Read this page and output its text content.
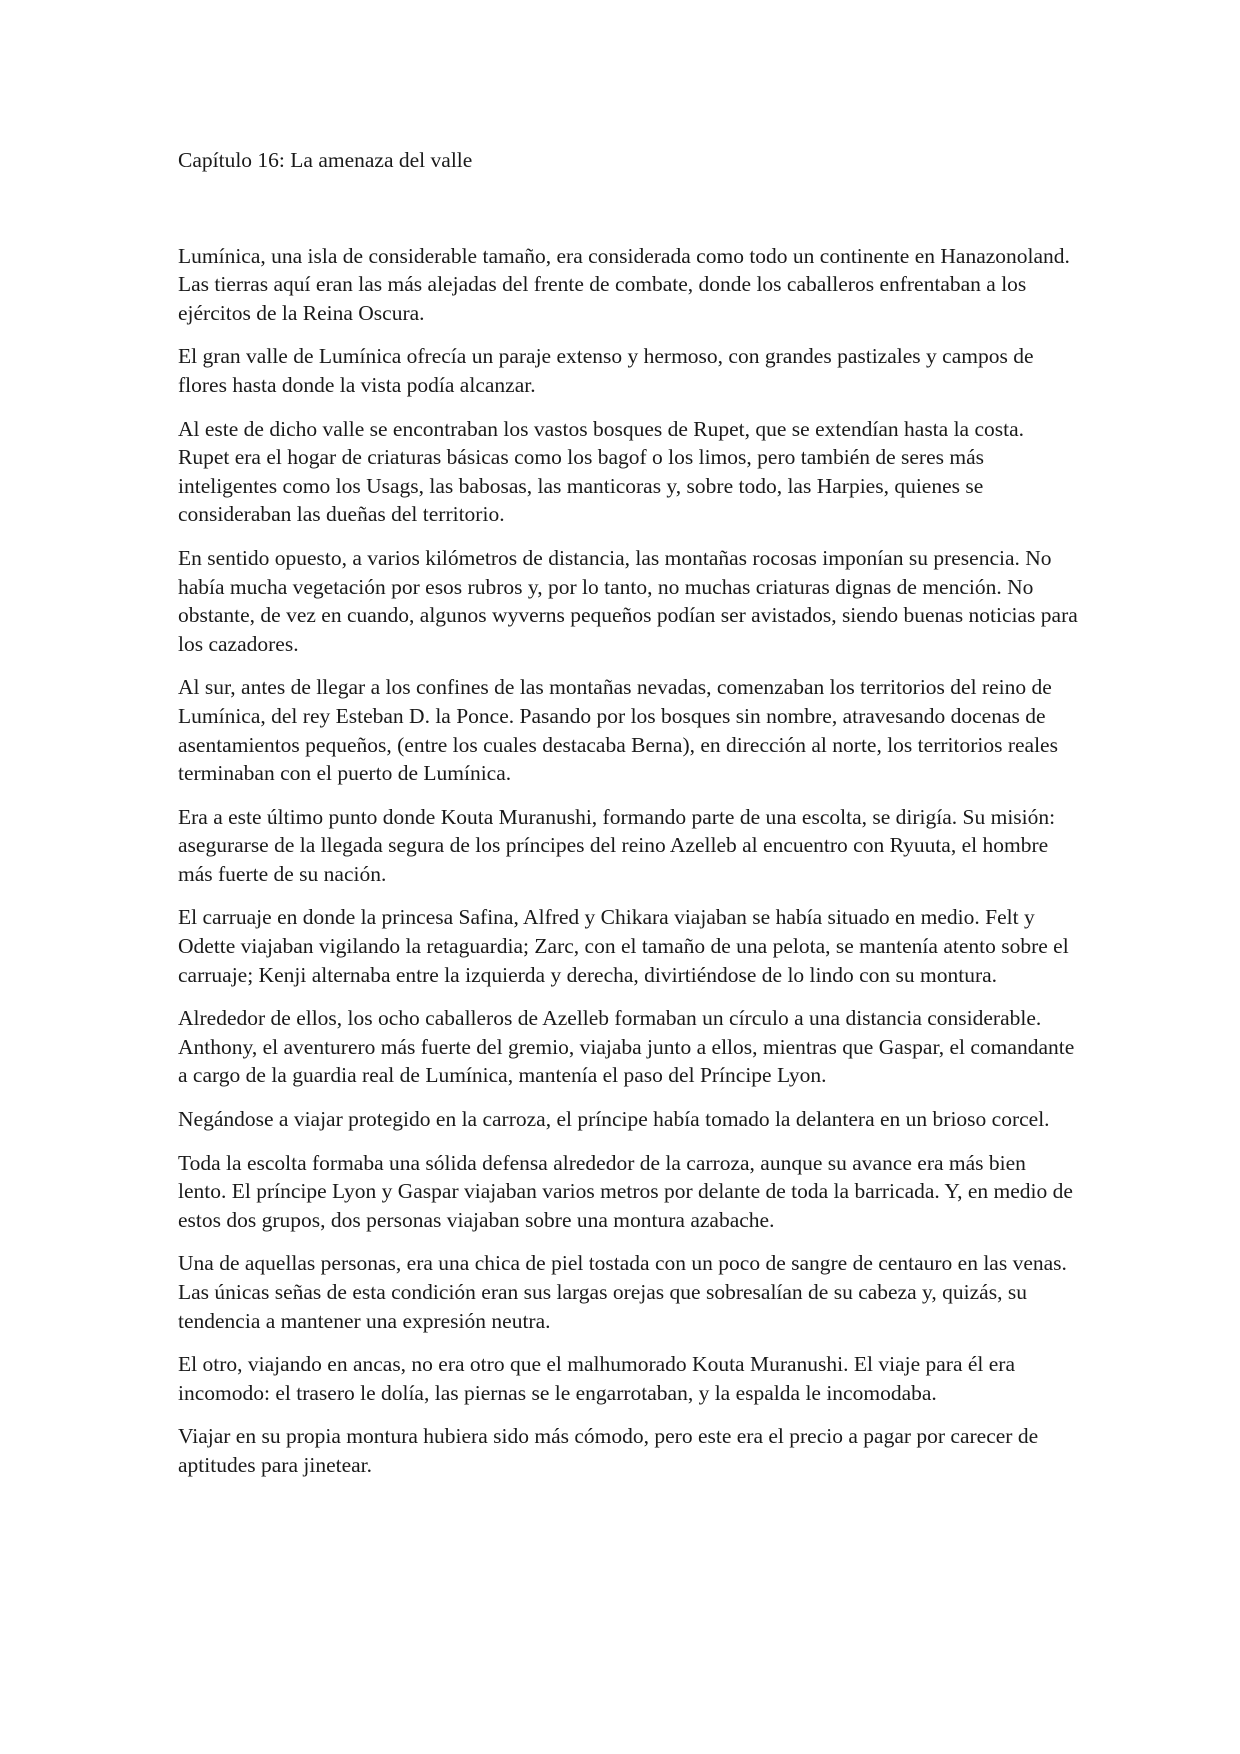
Capítulo 16: La amenaza del valle

Lumínica, una isla de considerable tamaño, era considerada como todo un continente en Hanazonoland. Las tierras aquí eran las más alejadas del frente de combate, donde los caballeros enfrentaban a los ejércitos de la Reina Oscura.

El gran valle de Lumínica ofrecía un paraje extenso y hermoso, con grandes pastizales y campos de flores hasta donde la vista podía alcanzar.

Al este de dicho valle se encontraban los vastos bosques de Rupet, que se extendían hasta la costa. Rupet era el hogar de criaturas básicas como los bagof o los limos, pero también de seres más inteligentes como los Usags, las babosas, las manticoras y, sobre todo, las Harpies, quienes se consideraban las dueñas del territorio.

En sentido opuesto, a varios kilómetros de distancia, las montañas rocosas imponían su presencia. No había mucha vegetación por esos rubros y, por lo tanto, no muchas criaturas dignas de mención. No obstante, de vez en cuando, algunos wyverns pequeños podían ser avistados, siendo buenas noticias para los cazadores.

Al sur, antes de llegar a los confines de las montañas nevadas, comenzaban los territorios del reino de Lumínica, del rey Esteban D. la Ponce. Pasando por los bosques sin nombre, atravesando docenas de asentamientos pequeños, (entre los cuales destacaba Berna), en dirección al norte, los territorios reales terminaban con el puerto de Lumínica.

Era a este último punto donde Kouta Muranushi, formando parte de una escolta, se dirigía. Su misión: asegurarse de la llegada segura de los príncipes del reino Azelleb al encuentro con Ryuuta, el hombre más fuerte de su nación.

El carruaje en donde la princesa Safina, Alfred y Chikara viajaban se había situado en medio. Felt y Odette viajaban vigilando la retaguardia; Zarc, con el tamaño de una pelota, se mantenía atento sobre el carruaje; Kenji alternaba entre la izquierda y derecha, divirtiéndose de lo lindo con su montura.

Alrededor de ellos, los ocho caballeros de Azelleb formaban un círculo a una distancia considerable. Anthony, el aventurero más fuerte del gremio, viajaba junto a ellos, mientras que Gaspar, el comandante a cargo de la guardia real de Lumínica, mantenía el paso del Príncipe Lyon.

Negándose a viajar protegido en la carroza, el príncipe había tomado la delantera en un brioso corcel.

Toda la escolta formaba una sólida defensa alrededor de la carroza, aunque su avance era más bien lento. El príncipe Lyon y Gaspar viajaban varios metros por delante de toda la barricada. Y, en medio de estos dos grupos, dos personas viajaban sobre una montura azabache.

Una de aquellas personas, era una chica de piel tostada con un poco de sangre de centauro en las venas. Las únicas señas de esta condición eran sus largas orejas que sobresalían de su cabeza y, quizás, su tendencia a mantener una expresión neutra.

El otro, viajando en ancas, no era otro que el malhumorado Kouta Muranushi. El viaje para él era incomodo: el trasero le dolía, las piernas se le engarrotaban, y la espalda le incomodaba.

Viajar en su propia montura hubiera sido más cómodo, pero este era el precio a pagar por carecer de aptitudes para jinetear.
